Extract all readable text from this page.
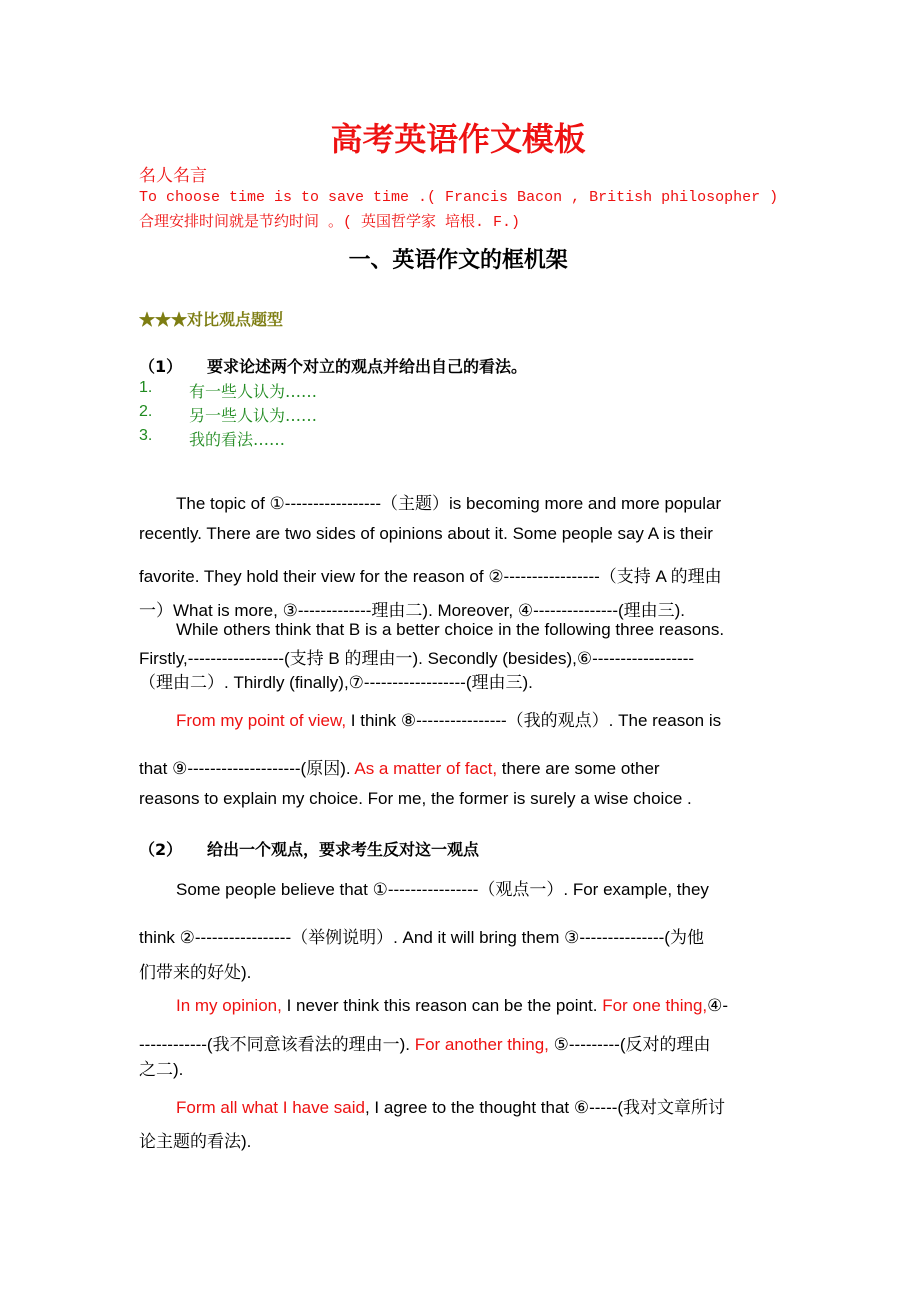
高考英语作文模板
名人名言
To choose time is to save time .( Francis Bacon , British philosopher )
合理安排时间就是节约时间 。( 英国哲学家 培根. F.)
一、英语作文的框机架
★★★对比观点题型
（1） 要求论述两个对立的观点并给出自己的看法。
1. 有一些人认为……
2. 另一些人认为……
3. 我的看法……
The topic of ①-----------------（主题）is becoming more and more popular
recently. There are two sides of opinions about it. Some people say A is their
favorite. They hold their view for the reason of ②-----------------（支持 A 的理由
一）What is more, ③-------------理由二). Moreover, ④---------------(理由三).
While others think that B is a better choice in the following three reasons.
Firstly,-----------------(支持 B 的理由一). Secondly (besides),⑥------------------
（理由二）. Thirdly (finally),⑦------------------(理由三).
From my point of view, I think ⑧----------------（我的观点）. The reason is
that ⑨--------------------(原因). As a matter of fact, there are some other
reasons to explain my choice. For me, the former is surely a wise choice .
（2） 给出一个观点，要求考生反对这一观点
Some people believe that ①----------------（观点一）. For example, they
think ②-----------------（举例说明）. And it will bring them ③---------------(为他
们带来的好处).
In my opinion, I never think this reason can be the point. For one thing,④-
------------(我不同意该看法的理由一). For another thing, ⑤---------(反对的理由
之二).
Form all what I have said, I agree to the thought that ⑥-----(我对文章所讨
论主题的看法).
